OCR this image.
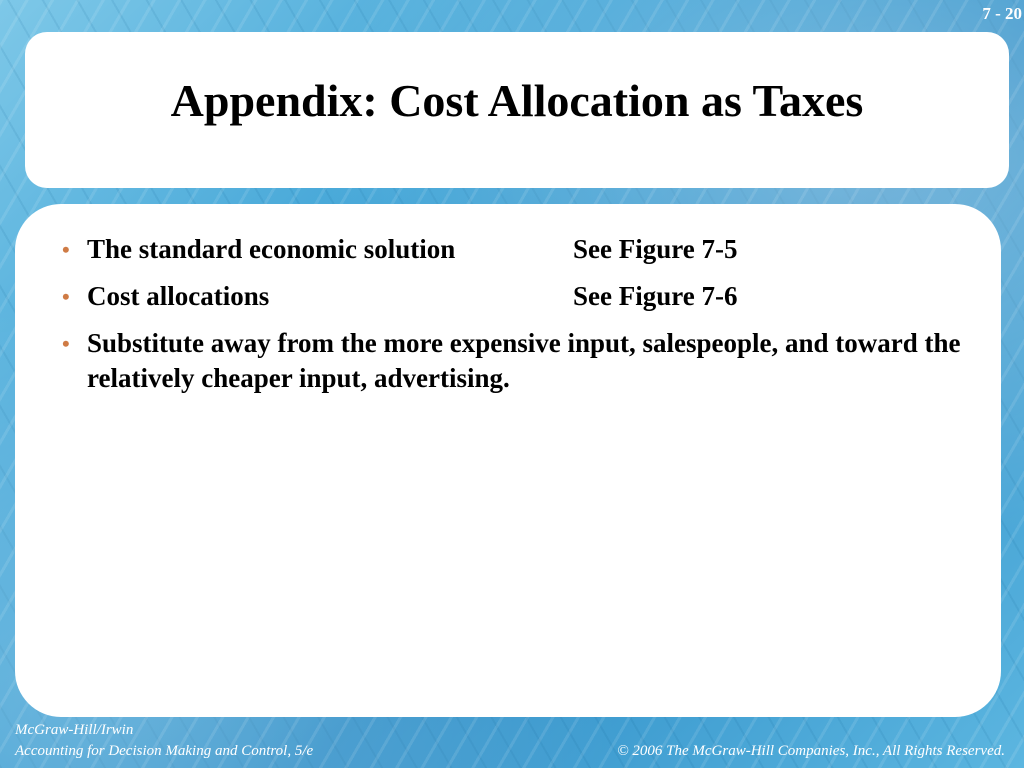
7 - 20
Appendix: Cost Allocation as Taxes
• The standard economic solution	See Figure 7-5
• Cost allocations	See Figure 7-6
• Substitute away from the more expensive input, salespeople, and toward the relatively cheaper input, advertising.
McGraw-Hill/Irwin
Accounting for Decision Making and Control, 5/e	© 2006 The McGraw-Hill Companies, Inc., All Rights Reserved.
